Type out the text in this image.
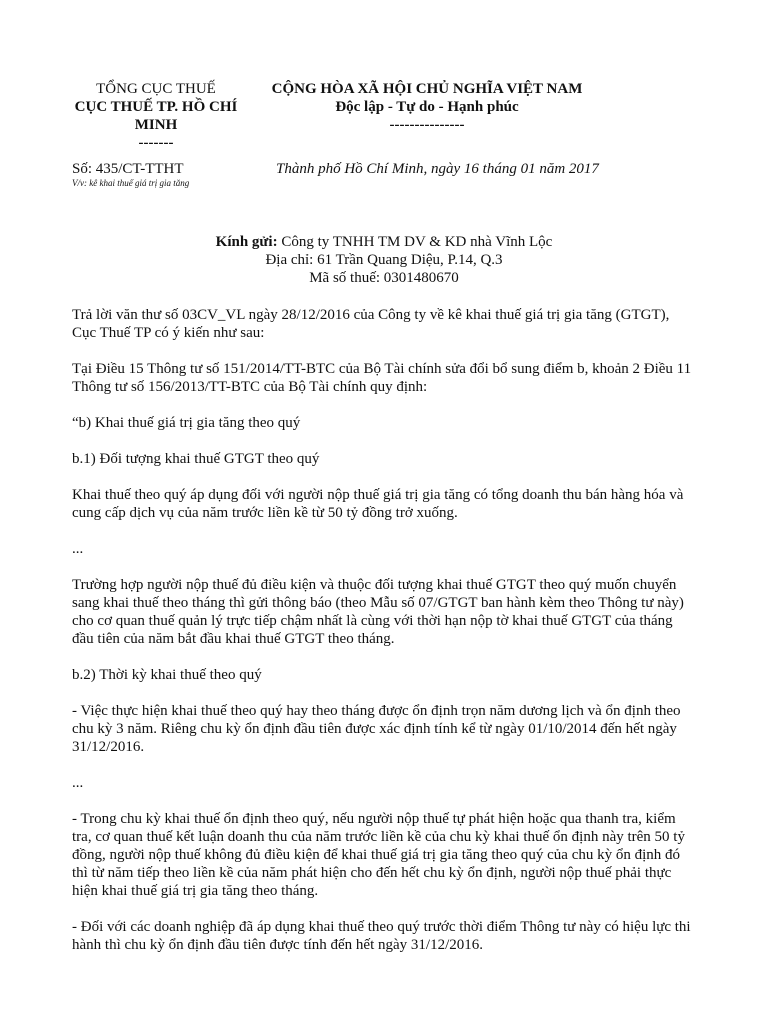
TỔNG CỤC THUẾ
CỤC THUẾ TP. HỒ CHÍ
MINH
-------
CỘNG HÒA XÃ HỘI CHỦ NGHĨA VIỆT NAM
Độc lập - Tự do - Hạnh phúc
---------------
Số: 435/CT-TTHT
V/v: kê khai thuế giá trị gia tăng
Thành phố Hồ Chí Minh, ngày 16 tháng 01 năm 2017
Kính gửi: Công ty TNHH TM DV & KD nhà Vĩnh Lộc
Địa chỉ: 61 Trần Quang Diệu, P.14, Q.3
Mã số thuế: 0301480670

Trả lời văn thư số 03CV_VL ngày 28/12/2016 của Công ty về kê khai thuế giá trị gia tăng (GTGT),
Cục Thuế TP có ý kiến như sau:

Tại Điều 15 Thông tư số 151/2014/TT-BTC của Bộ Tài chính sửa đổi bổ sung điểm b, khoản 2 Điều 11
Thông tư số 156/2013/TT-BTC của Bộ Tài chính quy định:

“b) Khai thuế giá trị gia tăng theo quý

b.1) Đối tượng khai thuế GTGT theo quý

Khai thuế theo quý áp dụng đối với người nộp thuế giá trị gia tăng có tổng doanh thu bán hàng hóa và
cung cấp dịch vụ của năm trước liền kề từ 50 tỷ đồng trở xuống.

...

Trường hợp người nộp thuế đủ điều kiện và thuộc đối tượng khai thuế GTGT theo quý muốn chuyển
sang khai thuế theo tháng thì gửi thông báo (theo Mẫu số 07/GTGT ban hành kèm theo Thông tư này)
cho cơ quan thuế quản lý trực tiếp chậm nhất là cùng với thời hạn nộp tờ khai thuế GTGT của tháng
đầu tiên của năm bắt đầu khai thuế GTGT theo tháng.

b.2) Thời kỳ khai thuế theo quý

- Việc thực hiện khai thuế theo quý hay theo tháng được ổn định trọn năm dương lịch và ổn định theo
chu kỳ 3 năm. Riêng chu kỳ ổn định đầu tiên được xác định tính kể từ ngày 01/10/2014 đến hết ngày
31/12/2016.

...

- Trong chu kỳ khai thuế ổn định theo quý, nếu người nộp thuế tự phát hiện hoặc qua thanh tra, kiểm
tra, cơ quan thuế kết luận doanh thu của năm trước liền kề của chu kỳ khai thuế ổn định này trên 50 tỷ
đồng, người nộp thuế không đủ điều kiện để khai thuế giá trị gia tăng theo quý của chu kỳ ổn định đó
thì từ năm tiếp theo liền kề của năm phát hiện cho đến hết chu kỳ ổn định, người nộp thuế phải thực
hiện khai thuế giá trị gia tăng theo tháng.

- Đối với các doanh nghiệp đã áp dụng khai thuế theo quý trước thời điểm Thông tư này có hiệu lực thi
hành thì chu kỳ ổn định đầu tiên được tính đến hết ngày 31/12/2016.
